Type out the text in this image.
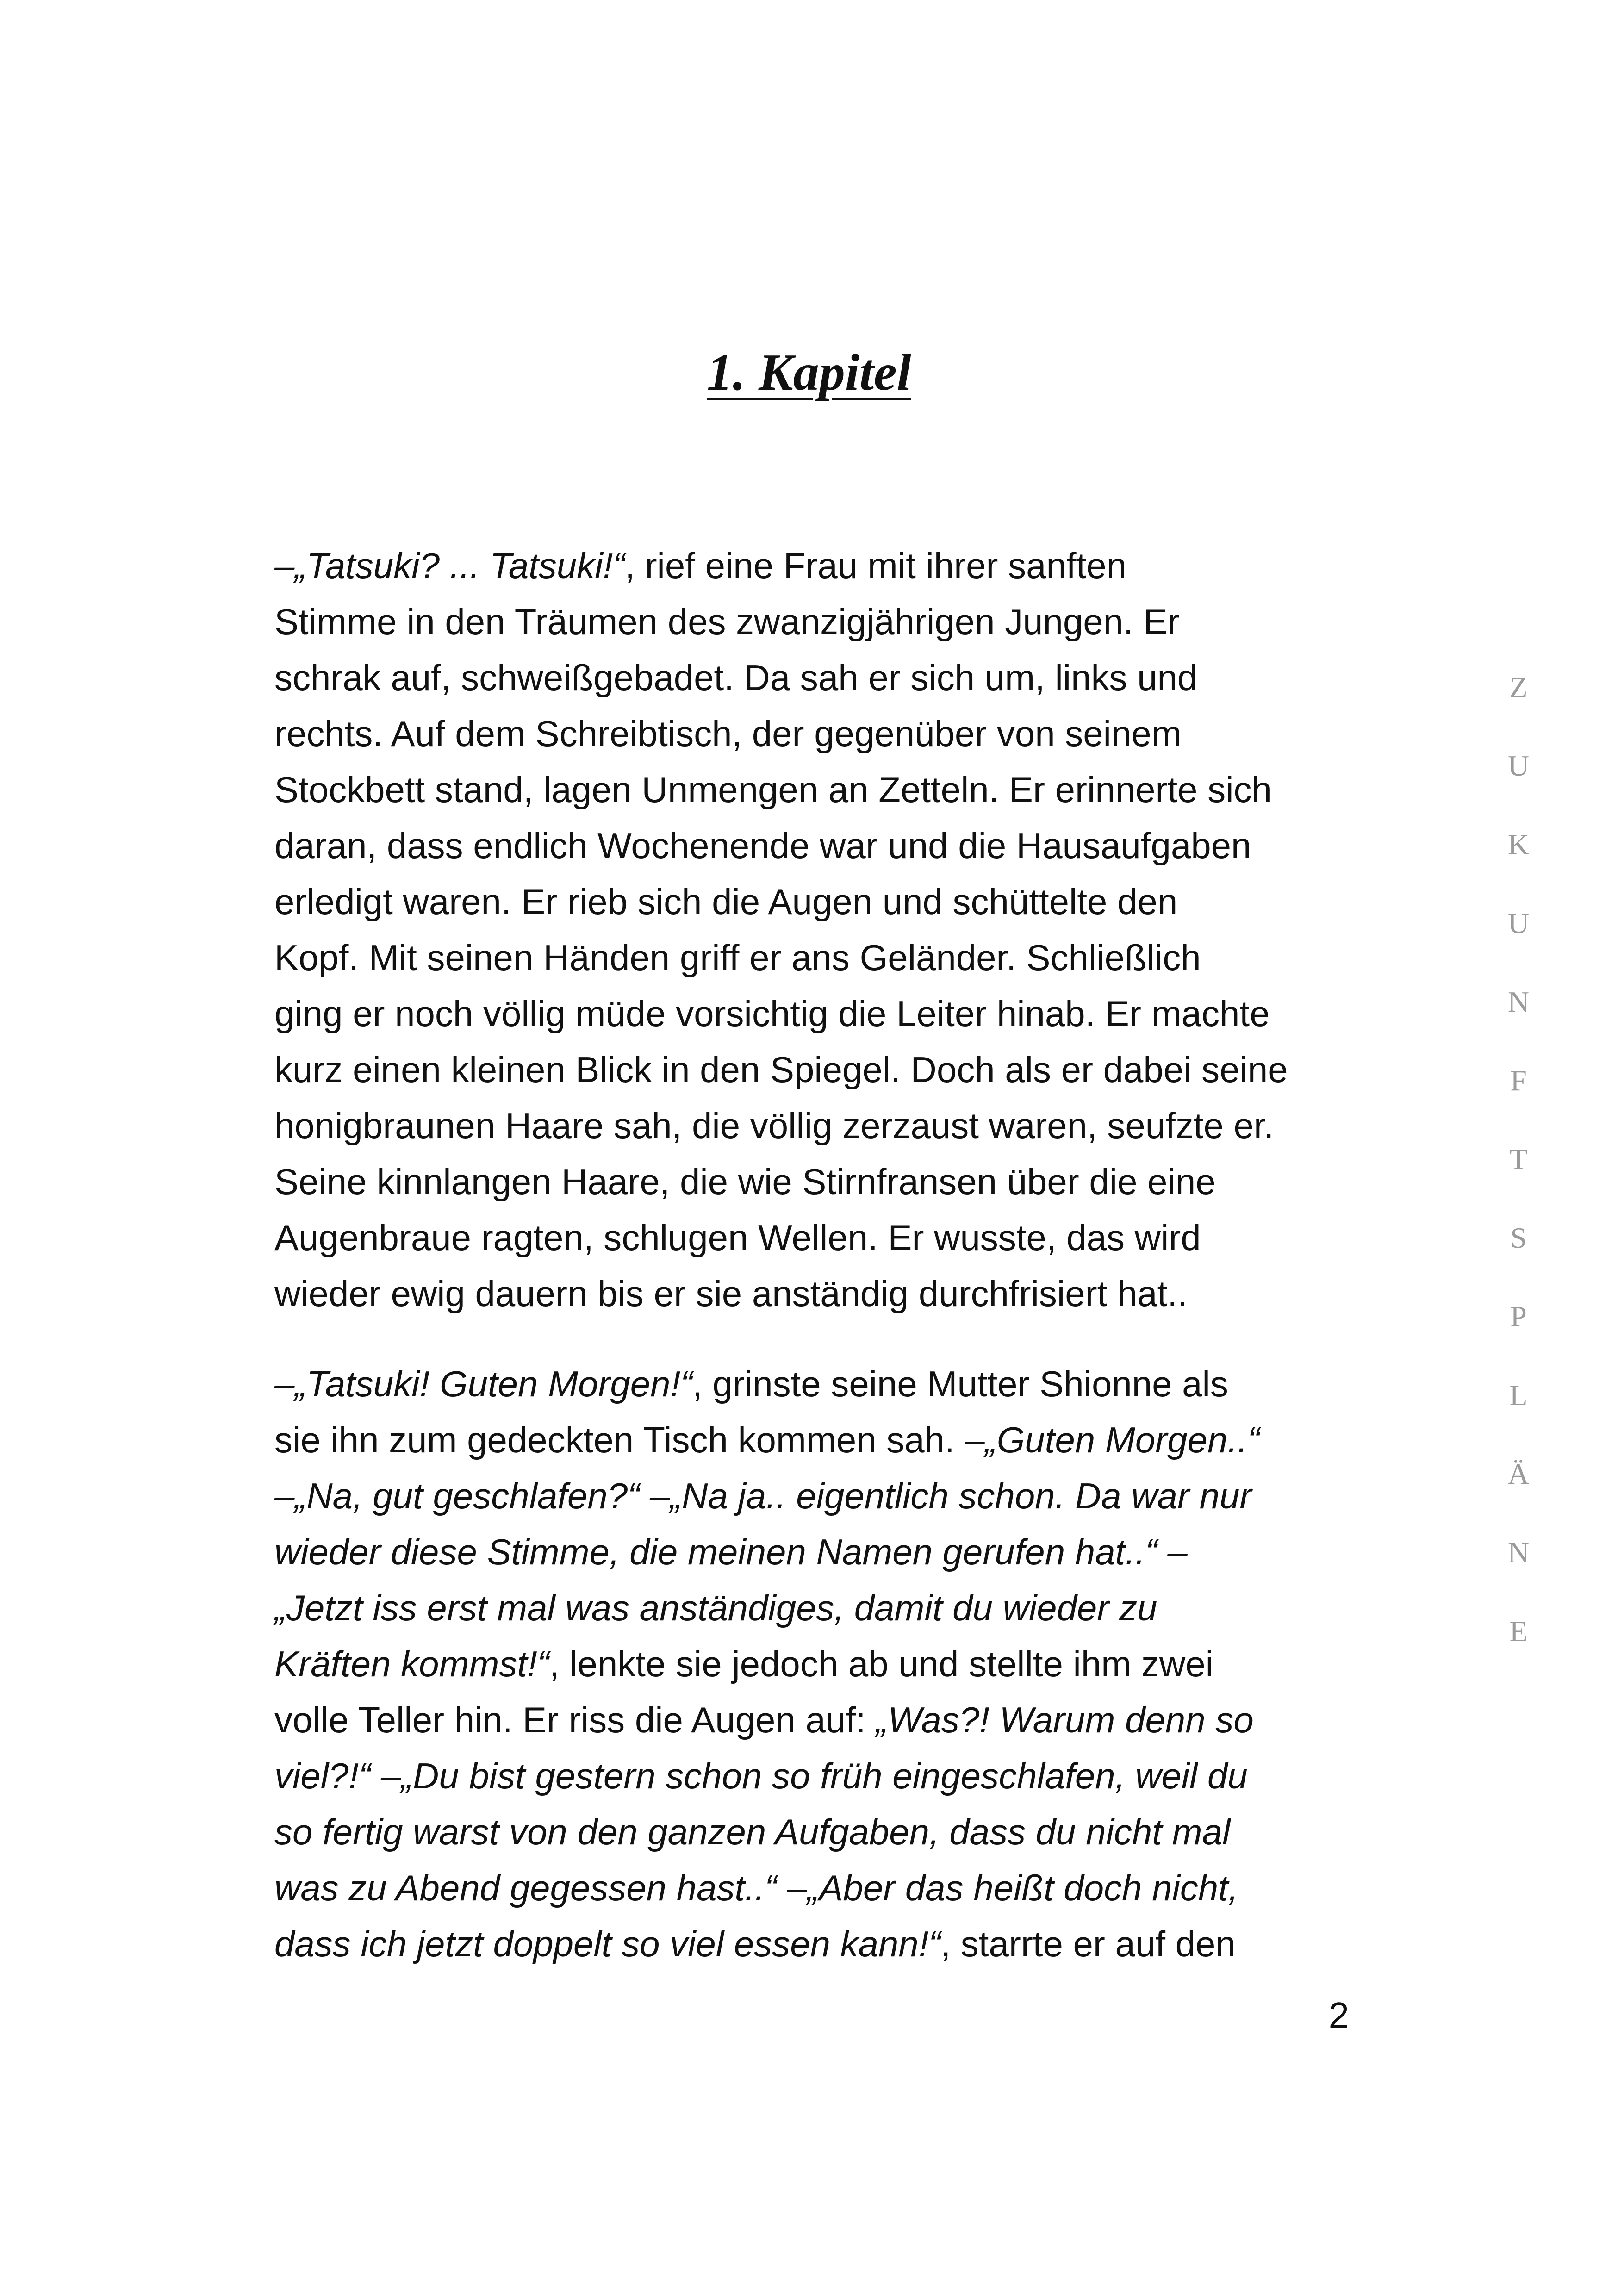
1. Kapitel

–„Tatsuki? ... Tatsuki!“, rief eine Frau mit ihrer sanften
Stimme in den Träumen des zwanzigjährigen Jungen. Er
schrak auf, schweißgebadet. Da sah er sich um, links und
rechts. Auf dem Schreibtisch, der gegenüber von seinem
Stockbett stand, lagen Unmengen an Zetteln. Er erinnerte sich
daran, dass endlich Wochenende war und die Hausaufgaben
erledigt waren. Er rieb sich die Augen und schüttelte den
Kopf. Mit seinen Händen griff er ans Geländer. Schließlich
ging er noch völlig müde vorsichtig die Leiter hinab. Er machte
kurz einen kleinen Blick in den Spiegel. Doch als er dabei seine
honigbraunen Haare sah, die völlig zerzaust waren, seufzte er.
Seine kinnlangen Haare, die wie Stirnfransen über die eine
Augenbraue ragten, schlugen Wellen. Er wusste, das wird
wieder ewig dauern bis er sie anständig durchfrisiert hat..

–„Tatsuki! Guten Morgen!“, grinste seine Mutter Shionne als
sie ihn zum gedeckten Tisch kommen sah. –„Guten Morgen..“
–„Na, gut geschlafen?“ –„Na ja.. eigentlich schon. Da war nur
wieder diese Stimme, die meinen Namen gerufen hat..“ –
„Jetzt iss erst mal was anständiges, damit du wieder zu
Kräften kommst!“, lenkte sie jedoch ab und stellte ihm zwei
volle Teller hin. Er riss die Augen auf: „Was?! Warum denn so
viel?!“ –„Du bist gestern schon so früh eingeschlafen, weil du
so fertig warst von den ganzen Aufgaben, dass du nicht mal
was zu Abend gegessen hast..“ –„Aber das heißt doch nicht,
dass ich jetzt doppelt so viel essen kann!“, starrte er auf den

Z
U
K
U
N
F
T
S
P
L
Ä
N
E
2
